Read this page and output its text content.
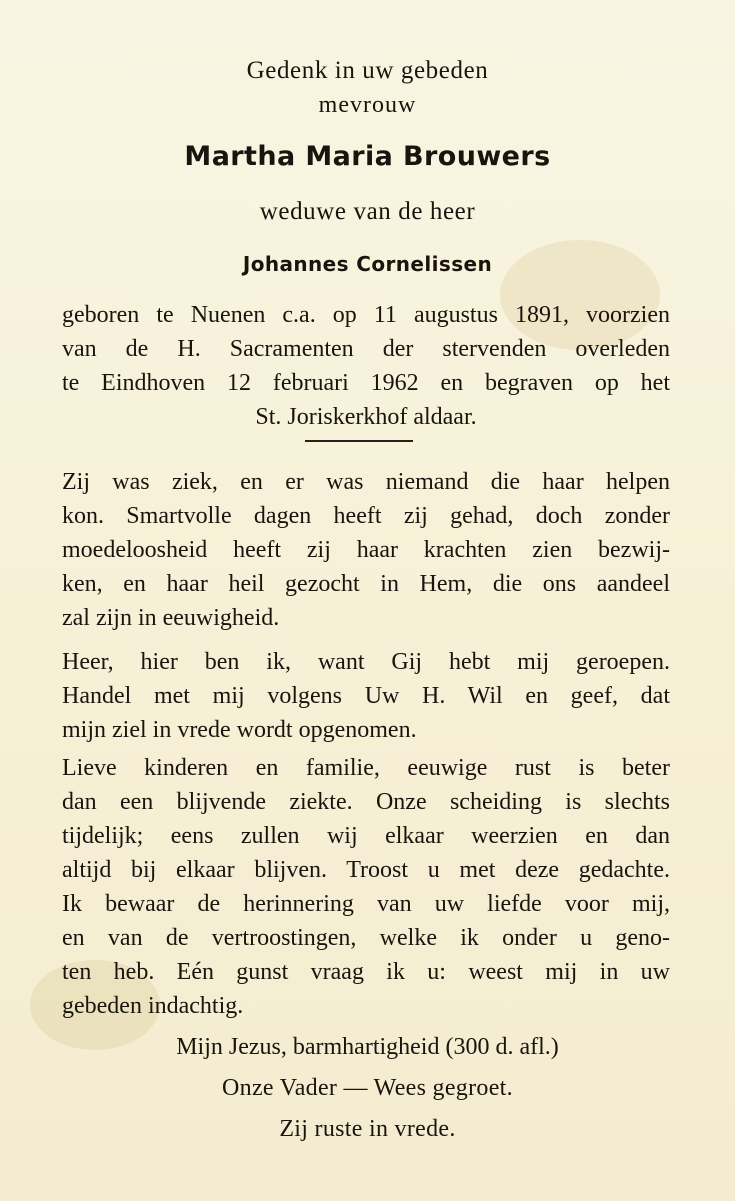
Gedenk in uw gebeden
mevrouw
Martha Maria Brouwers
weduwe van de heer
Johannes Cornelissen
geboren te Nuenen c.a. op 11 augustus 1891, voorzien
van de H. Sacramenten der stervenden overleden
te Eindhoven 12 februari 1962 en begraven op het
St. Joriskerkhof aldaar.
Zij was ziek, en er was niemand die haar helpen
kon. Smartvolle dagen heeft zij gehad, doch zonder
moedeloosheid heeft zij haar krachten zien bezwij-
ken, en haar heil gezocht in Hem, die ons aandeel
zal zijn in eeuwigheid.
Heer, hier ben ik, want Gij hebt mij geroepen.
Handel met mij volgens Uw H. Wil en geef, dat
mijn ziel in vrede wordt opgenomen.
Lieve kinderen en familie, eeuwige rust is beter
dan een blijvende ziekte. Onze scheiding is slechts
tijdelijk; eens zullen wij elkaar weerzien en dan
altijd bij elkaar blijven. Troost u met deze gedachte.
Ik bewaar de herinnering van uw liefde voor mij,
en van de vertroostingen, welke ik onder u geno-
ten heb. Eén gunst vraag ik u: weest mij in uw
gebeden indachtig.
Mijn Jezus, barmhartigheid (300 d. afl.)
Onze Vader — Wees gegroet.
Zij ruste in vrede.
